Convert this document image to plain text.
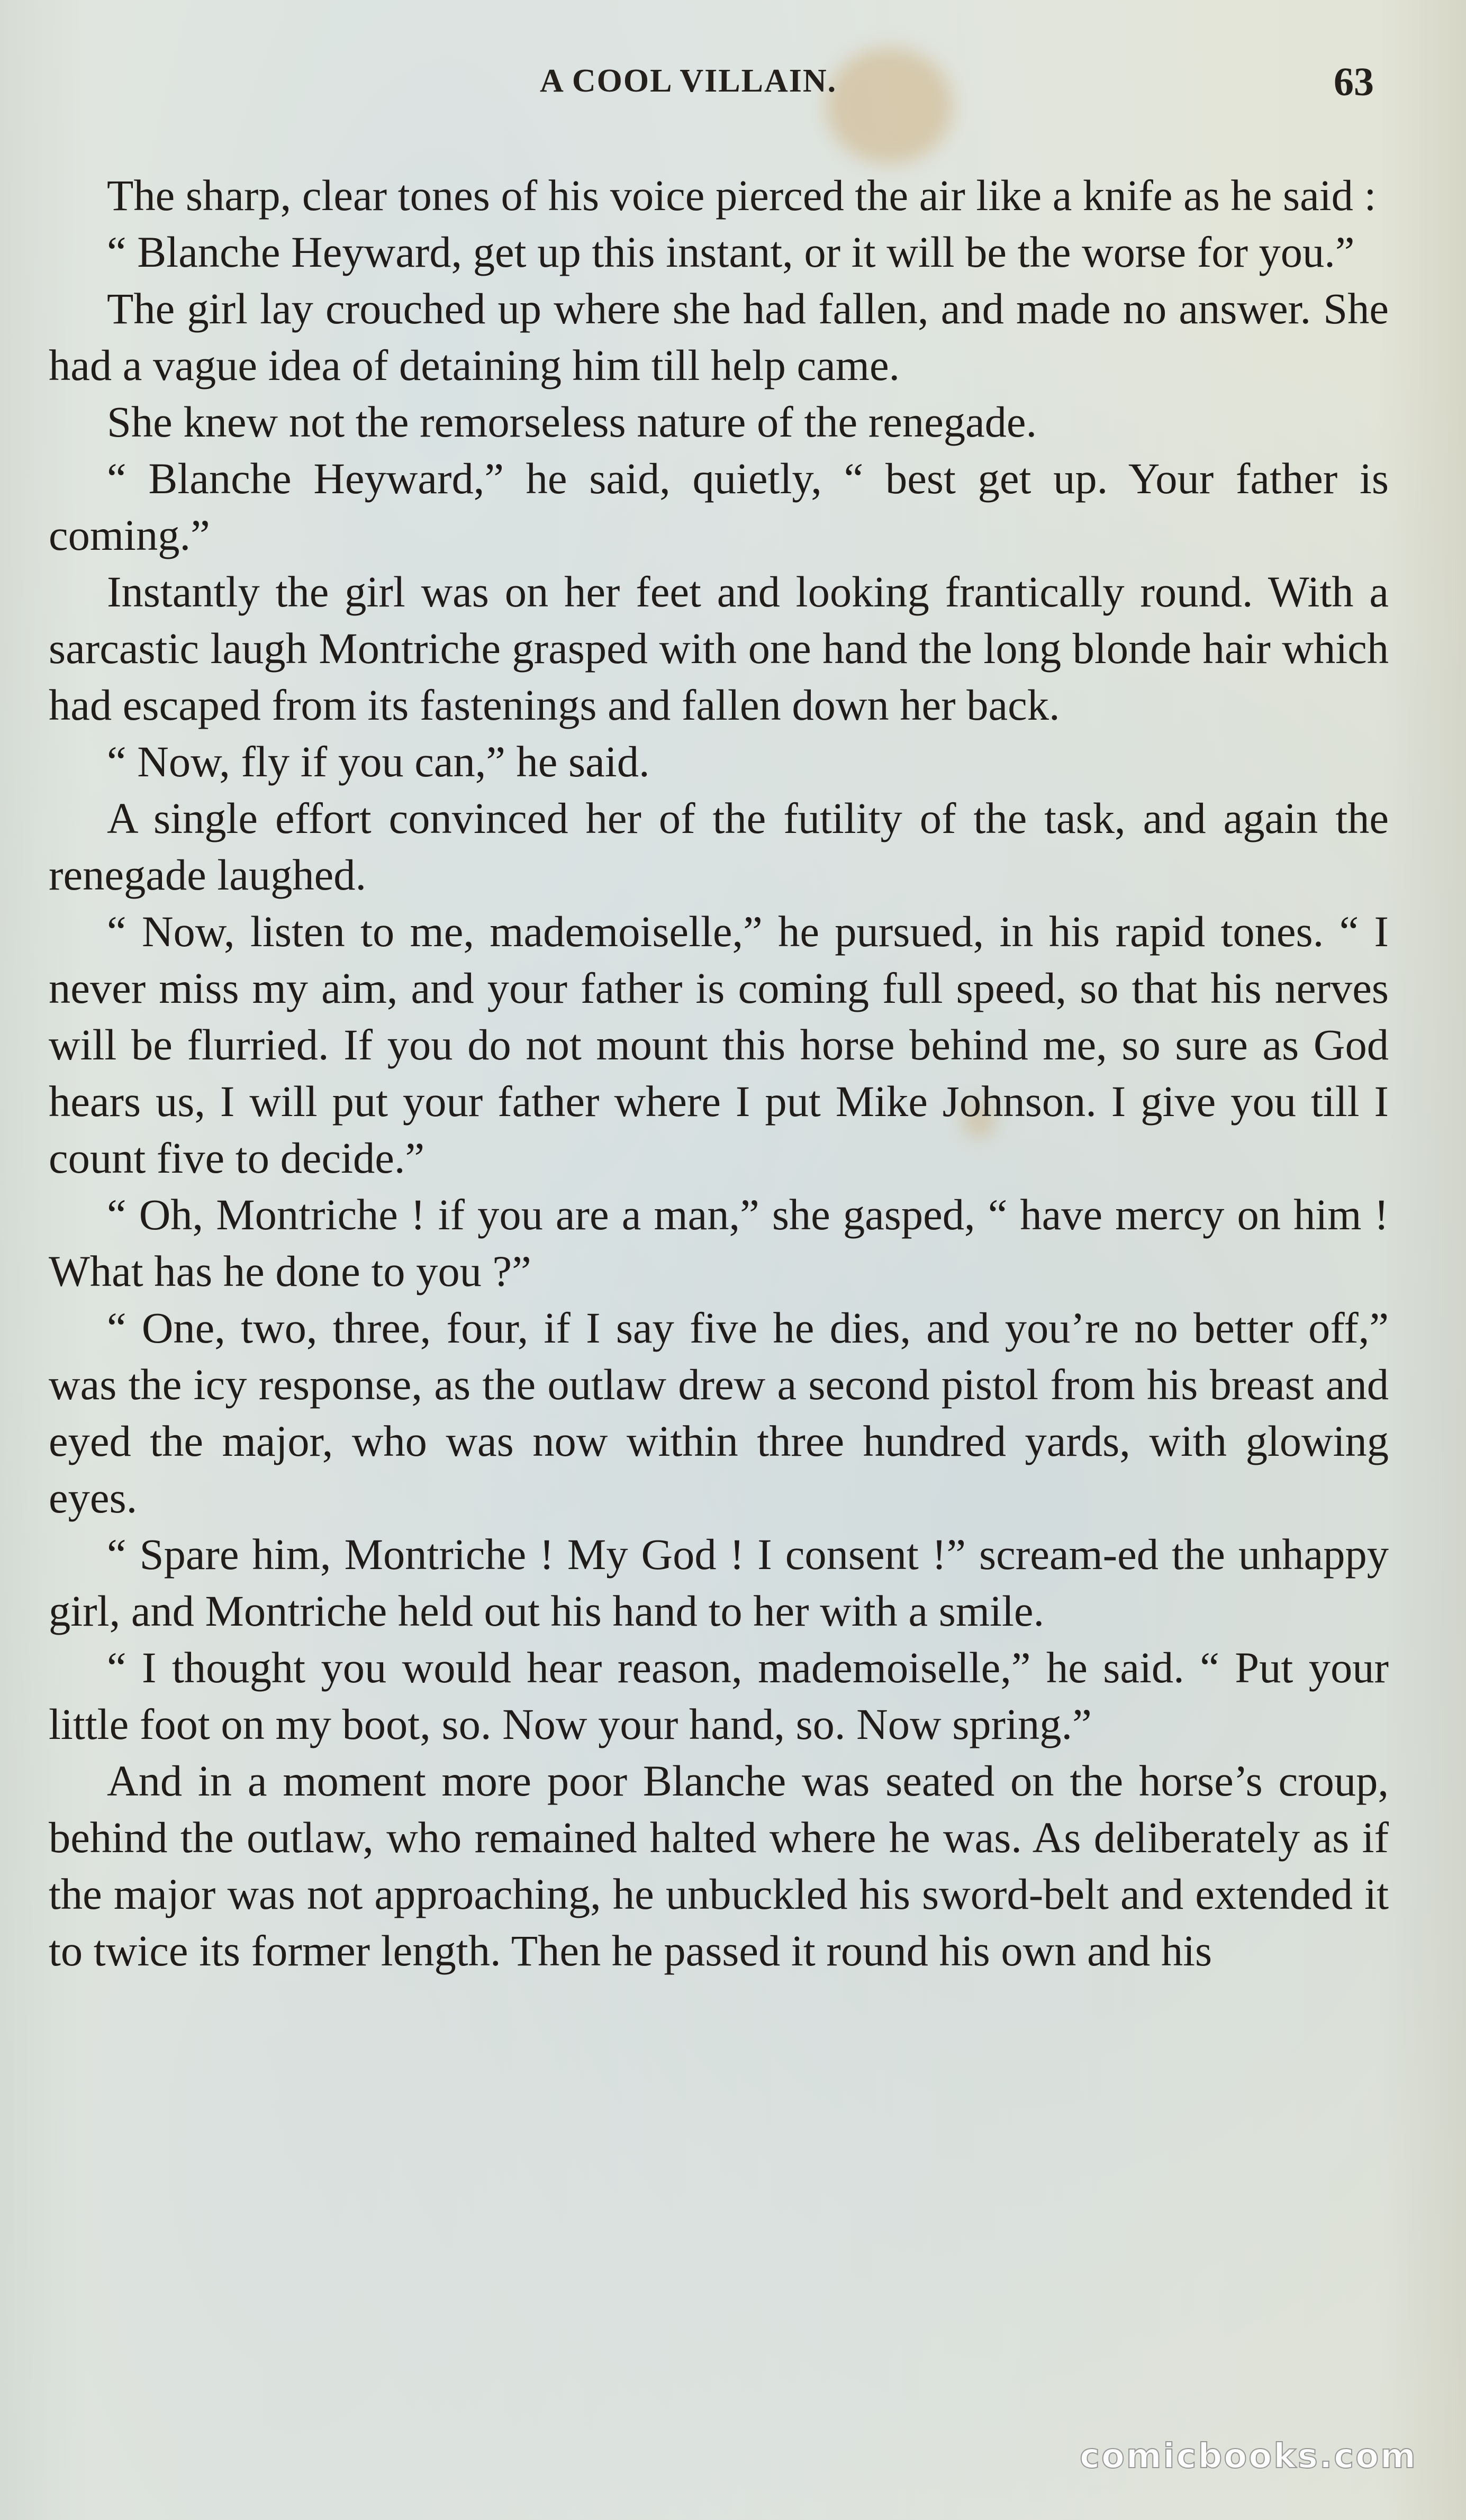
A COOL VILLAIN.	63

The sharp, clear tones of his voice pierced the air like a knife as he said :

“ Blanche Heyward, get up this instant, or it will be the worse for you.”

The girl lay crouched up where she had fallen, and made no answer. She had a vague idea of detaining him till help came.

She knew not the remorseless nature of the renegade.

“ Blanche Heyward,” he said, quietly, “ best get up. Your father is coming.”

Instantly the girl was on her feet and looking frantically round. With a sarcastic laugh Montriche grasped with one hand the long blonde hair which had escaped from its fastenings and fallen down her back.

“ Now, fly if you can,” he said.

A single effort convinced her of the futility of the task, and again the renegade laughed.

“ Now, listen to me, mademoiselle,” he pursued, in his rapid tones. “ I never miss my aim, and your father is coming full speed, so that his nerves will be flurried. If you do not mount this horse behind me, so sure as God hears us, I will put your father where I put Mike Johnson. I give you till I count five to decide.”

“ Oh, Montriche ! if you are a man,” she gasped, “ have mercy on him ! What has he done to you ?”

“ One, two, three, four, if I say five he dies, and you’re no better off,” was the icy response, as the outlaw drew a second pistol from his breast and eyed the major, who was now within three hundred yards, with glowing eyes.

“ Spare him, Montriche ! My God ! I consent !” scream-ed the unhappy girl, and Montriche held out his hand to her with a smile.

“ I thought you would hear reason, mademoiselle,” he said. “ Put your little foot on my boot, so. Now your hand, so. Now spring.”

And in a moment more poor Blanche was seated on the horse’s croup, behind the outlaw, who remained halted where he was. As deliberately as if the major was not approaching, he unbuckled his sword-belt and extended it to twice its former length. Then he passed it round his own and his

comicbooks.com
